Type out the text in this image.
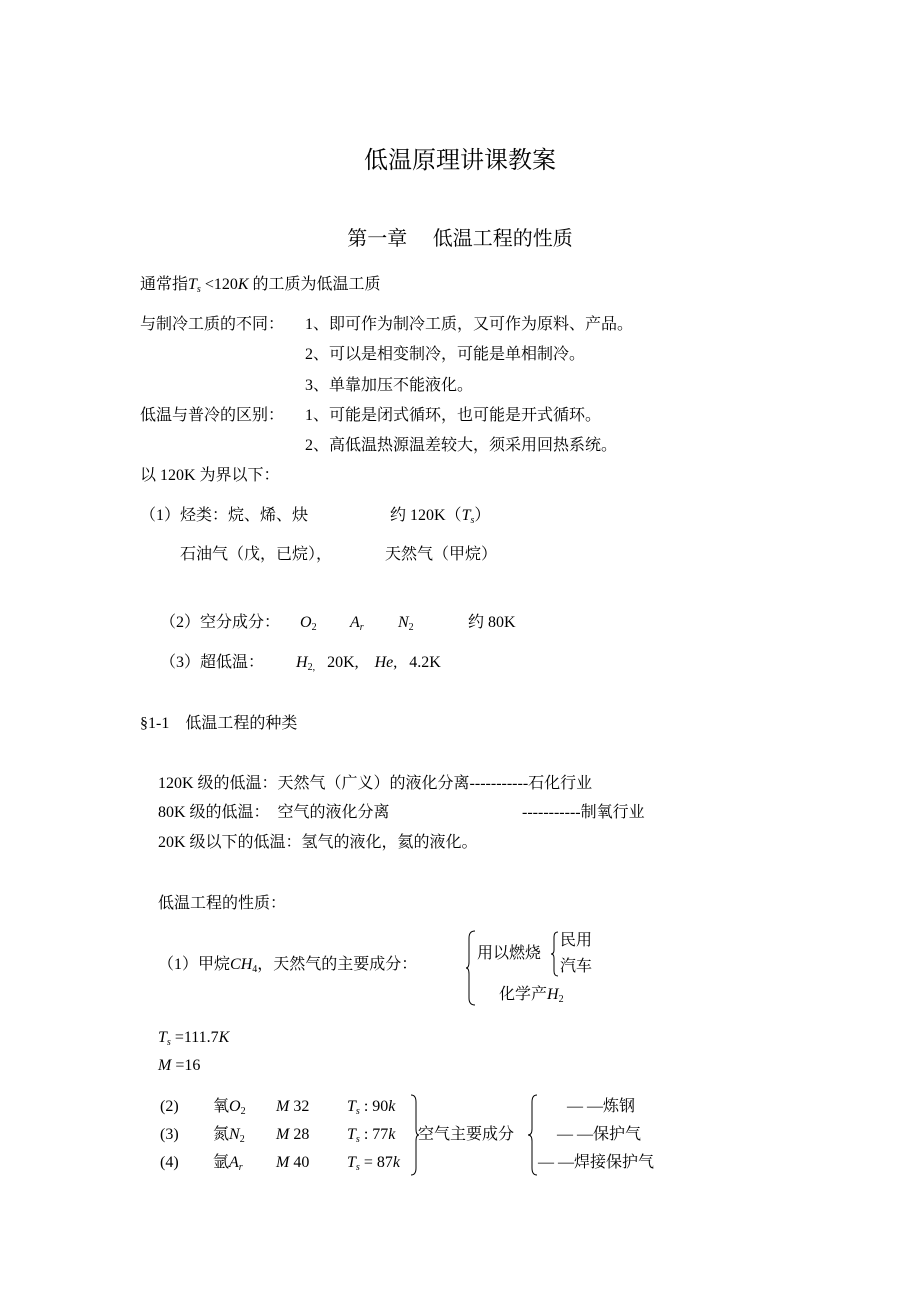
低温原理讲课教案
第一章    低温工程的性质
通常指$T_s <120K$ 的工质为低温工质
与制冷工质的不同： 1、即可作为制冷工质，又可作为原料、产品。
2、可以是相变制冷，可能是单相制冷。
3、单靠加压不能液化。
低温与普冷的区别： 1、可能是闭式循环，也可能是开式循环。
2、高低温热源温差较大，须采用回热系统。
以 120K 为界以下：
（1）烃类：烷、烯、炔	约 $120K(T_s)$
石油气（戊，已烷），	天然气（甲烷）
（2）空分成分： $O_2$ $A_r$ $N_2$	约 80K
（3）超低温： $H_{2,}$ 20K, He, 4.2K
§1-1    低温工程的种类
120K 级的低温：天然气（广义）的液化分离-----------石化行业
80K 级的低温：  空气的液化分离	-----------制氧行业
20K 级以下的低温：氢气的液化，氦的液化。
低温工程的性质：
（1）甲烷$CH_4$，天然气的主要成分：
用以燃烧
民用
汽车
化学产$H_2$
$T_s =111.7K$
M =16
(2) 氧$O_2$ M 32 $T_s$ : 90k
(3) 氮$N_2$ M 28 $T_s$ : 77k
(4) 氩$A_r$ M 40 $T_s = 87k$
空气主要成分
— —炼钢
— —保护气
— —焊接保护气
